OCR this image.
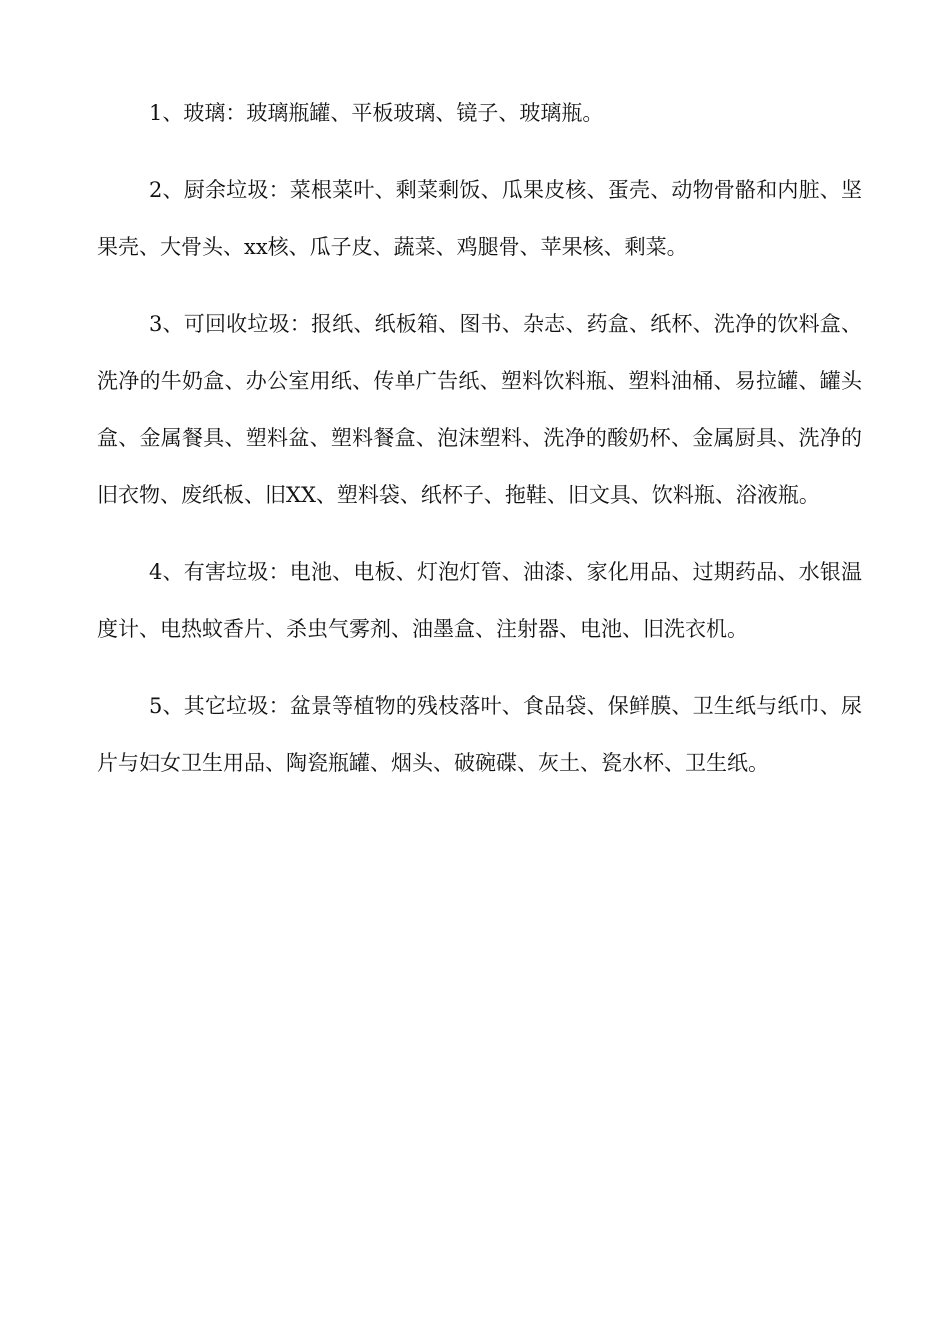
1、玻璃：玻璃瓶罐、平板玻璃、镜子、玻璃瓶。

2、厨余垃圾：菜根菜叶、剩菜剩饭、瓜果皮核、蛋壳、动物骨骼和内脏、坚果壳、大骨头、xx核、瓜子皮、蔬菜、鸡腿骨、苹果核、剩菜。

3、可回收垃圾：报纸、纸板箱、图书、杂志、药盒、纸杯、洗净的饮料盒、洗净的牛奶盒、办公室用纸、传单广告纸、塑料饮料瓶、塑料油桶、易拉罐、罐头盒、金属餐具、塑料盆、塑料餐盒、泡沫塑料、洗净的酸奶杯、金属厨具、洗净的旧衣物、废纸板、旧XX、塑料袋、纸杯子、拖鞋、旧文具、饮料瓶、浴液瓶。

4、有害垃圾：电池、电板、灯泡灯管、油漆、家化用品、过期药品、水银温度计、电热蚊香片、杀虫气雾剂、油墨盒、注射器、电池、旧洗衣机。

5、其它垃圾：盆景等植物的残枝落叶、食品袋、保鲜膜、卫生纸与纸巾、尿片与妇女卫生用品、陶瓷瓶罐、烟头、破碗碟、灰土、瓷水杯、卫生纸。
